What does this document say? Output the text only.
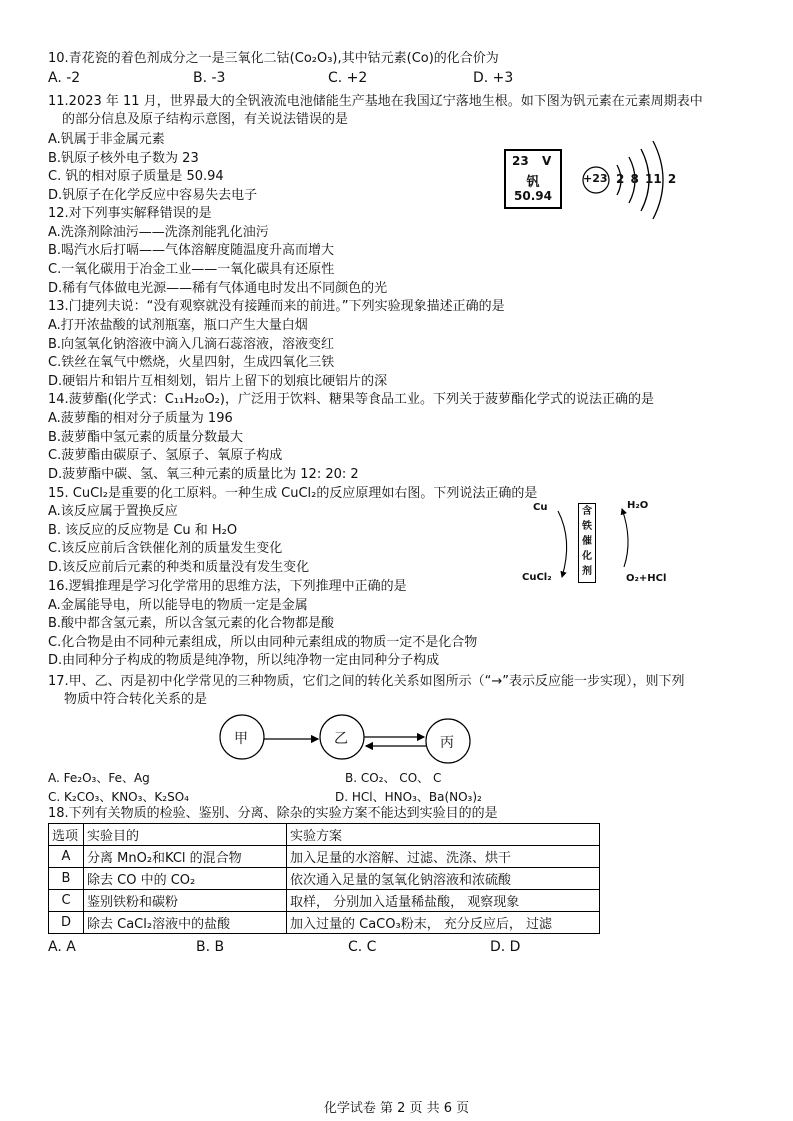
10.青花瓷的着色剂成分之一是三氧化二钴(Co₂O₃),其中钴元素(Co)的化合价为
A. -2	B. -3	C. +2	D. +3
11.2023 年 11 月，世界最大的全钒液流电池储能生产基地在我国辽宁落地生根。如下图为钒元素在元素周期表中
的部分信息及原子结构示意图，有关说法错误的是
A.钒属于非金属元素
B.钒原子核外电子数为 23
C. 钒的相对原子质量是 50.94
D.钒原子在化学反应中容易失去电子
23 V
钒
50.94
+23 2 8 11 2
12.对下列事实解释错误的是
A.洗涤剂除油污——洗涤剂能乳化油污
B.喝汽水后打嗝——气体溶解度随温度升高而增大
C.一氧化碳用于冶金工业——一氧化碳具有还原性
D.稀有气体做电光源——稀有气体通电时发出不同颜色的光
13.门捷列夫说：“没有观察就没有接踵而来的前进。”下列实验现象描述正确的是
A.打开浓盐酸的试剂瓶塞，瓶口产生大量白烟
B.向氢氧化钠溶液中滴入几滴石蕊溶液，溶液变红
C.铁丝在氧气中燃烧，火星四射，生成四氧化三铁
D.硬铝片和铝片互相刻划，铝片上留下的划痕比硬铝片的深
14.菠萝酯(化学式：C₁₁H₂₀O₂)，广泛用于饮料、糖果等食品工业。下列关于菠萝酯化学式的说法正确的是
A.菠萝酯的相对分子质量为 196
B.菠萝酯中氢元素的质量分数最大
C.菠萝酯由碳原子、氢原子、氧原子构成
D.菠萝酯中碳、氢、氧三种元素的质量比为 12: 20: 2
15. CuCl₂是重要的化工原料。一种生成 CuCl₂的反应原理如右图。下列说法正确的是
A.该反应属于置换反应
B. 该反应的反应物是 Cu 和 H₂O
C.该反应前后含铁催化剂的质量发生变化
D.该反应前后元素的种类和质量没有发生变化
Cu
CuCl₂
H₂O
O₂+HCl
含
铁
催
化
剂
16.逻辑推理是学习化学常用的思维方法，下列推理中正确的是
A.金属能导电，所以能导电的物质一定是金属
B.酸中都含氢元素，所以含氢元素的化合物都是酸
C.化合物是由不同种元素组成，所以由同种元素组成的物质一定不是化合物
D.由同种分子构成的物质是纯净物，所以纯净物一定由同种分子构成
17.甲、乙、丙是初中化学常见的三种物质，它们之间的转化关系如图所示（“→”表示反应能一步实现），则下列
物质中符合转化关系的是
甲	乙	丙
A. Fe₂O₃、Fe、Ag	B. CO₂、 CO、 C
C. K₂CO₃、KNO₃、K₂SO₄	D. HCl、HNO₃、Ba(NO₃)₂
18.下列有关物质的检验、鉴别、分离、除杂的实验方案不能达到实验目的的是
选项	实验目的	实验方案
A	分离 MnO₂和KCl 的混合物	加入足量的水溶解、过滤、洗涤、烘干
B	除去 CO 中的 CO₂	依次通入足量的氢氧化钠溶液和浓硫酸
C	鉴别铁粉和碳粉	取样， 分别加入适量稀盐酸， 观察现象
D	除去 CaCl₂溶液中的盐酸	加入过量的 CaCO₃粉末， 充分反应后， 过滤
A. A	B. B	C. C	D. D
化学试卷 第 2 页 共 6 页
